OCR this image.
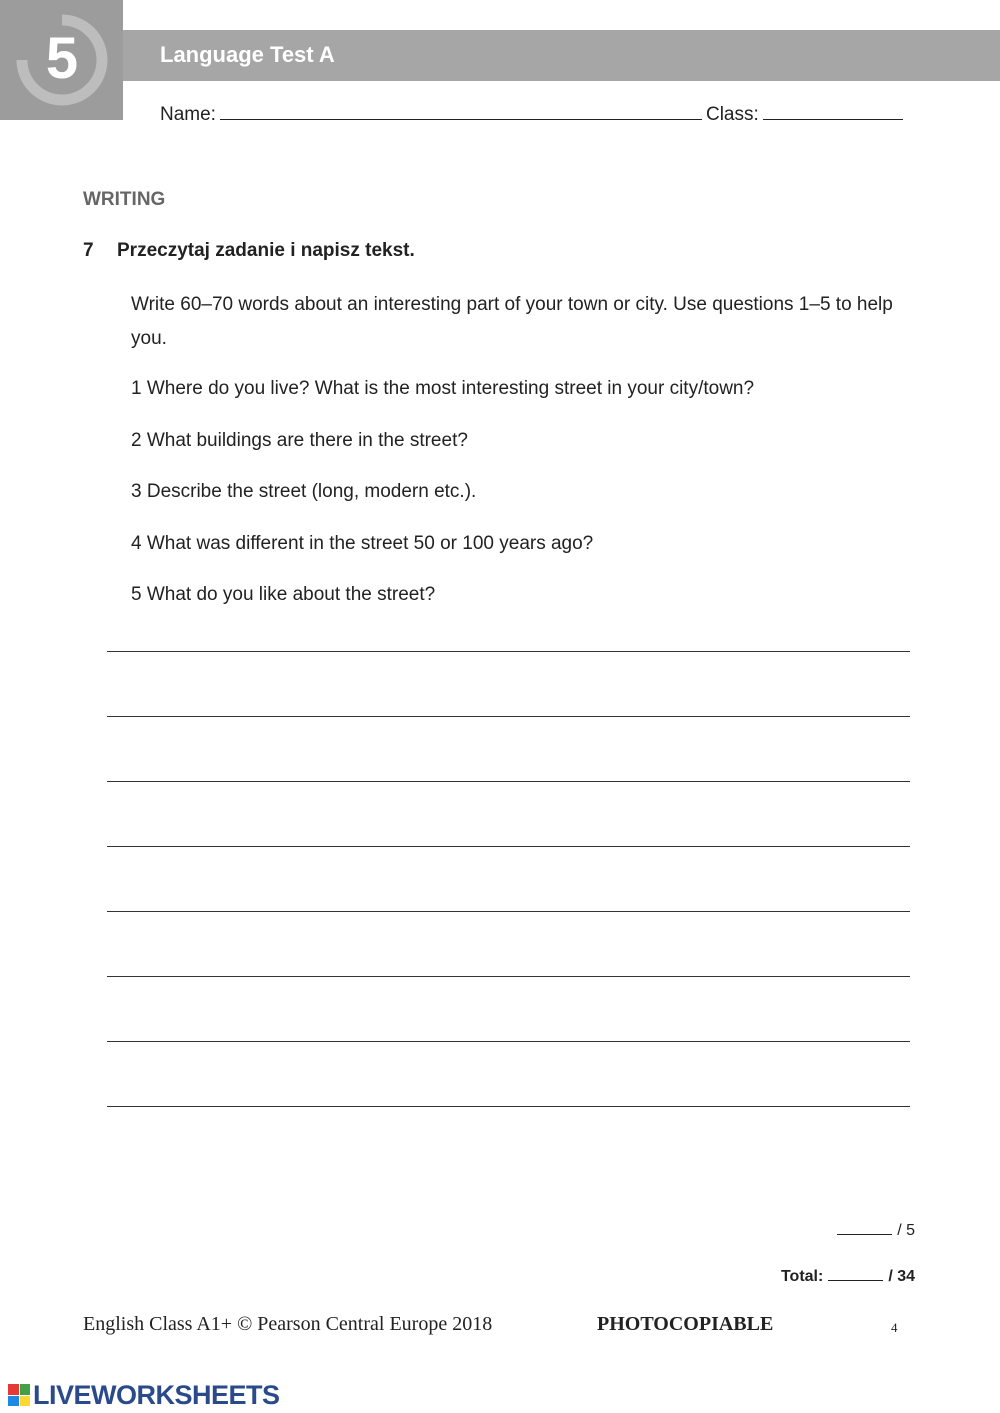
5	Language Test A
Name:	Class:
WRITING
7 Przeczytaj zadanie i napisz tekst.
Write 60–70 words about an interesting part of your town or city. Use questions 1–5 to help you.
1 Where do you live? What is the most interesting street in your city/town?
2 What buildings are there in the street?
3 Describe the street (long, modern etc.).
4 What was different in the street 50 or 100 years ago?
5 What do you like about the street?
/ 5
Total:	/ 34
English Class A1+ © Pearson Central Europe 2018	PHOTOCOPIABLE	4
LIVEWORKSHEETS
